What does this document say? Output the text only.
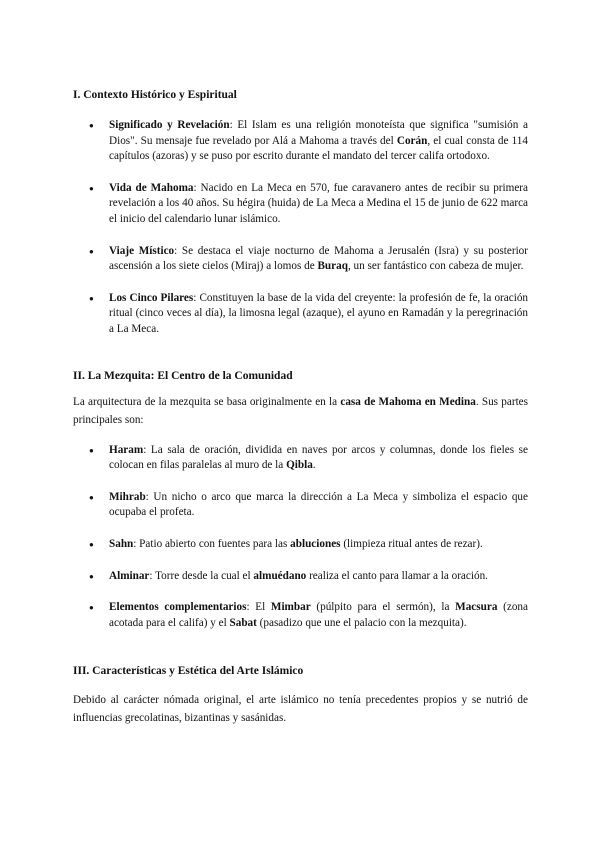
I. Contexto Histórico y Espiritual
● Significado y Revelación: El Islam es una religión monoteísta que significa "sumisión a Dios". Su mensaje fue revelado por Alá a Mahoma a través del Corán, el cual consta de 114 capítulos (azoras) y se puso por escrito durante el mandato del tercer califa ortodoxo.
● Vida de Mahoma: Nacido en La Meca en 570, fue caravanero antes de recibir su primera revelación a los 40 años. Su hégira (huida) de La Meca a Medina el 15 de junio de 622 marca el inicio del calendario lunar islámico.
● Viaje Místico: Se destaca el viaje nocturno de Mahoma a Jerusalén (Isra) y su posterior ascensión a los siete cielos (Miraj) a lomos de Buraq, un ser fantástico con cabeza de mujer.
● Los Cinco Pilares: Constituyen la base de la vida del creyente: la profesión de fe, la oración ritual (cinco veces al día), la limosna legal (azaque), el ayuno en Ramadán y la peregrinación a La Meca.
II. La Mezquita: El Centro de la Comunidad

La arquitectura de la mezquita se basa originalmente en la casa de Mahoma en Medina. Sus partes principales son:

● Haram: La sala de oración, dividida en naves por arcos y columnas, donde los fieles se colocan en filas paralelas al muro de la Qibla.
● Mihrab: Un nicho o arco que marca la dirección a La Meca y simboliza el espacio que ocupaba el profeta.
● Sahn: Patio abierto con fuentes para las abluciones (limpieza ritual antes de rezar).
● Alminar: Torre desde la cual el almuédano realiza el canto para llamar a la oración.
● Elementos complementarios: El Mimbar (púlpito para el sermón), la Macsura (zona acotada para el califa) y el Sabat (pasadizo que une el palacio con la mezquita).
III. Características y Estética del Arte Islámico

Debido al carácter nómada original, el arte islámico no tenía precedentes propios y se nutrió de influencias grecolatinas, bizantinas y sasánidas.
